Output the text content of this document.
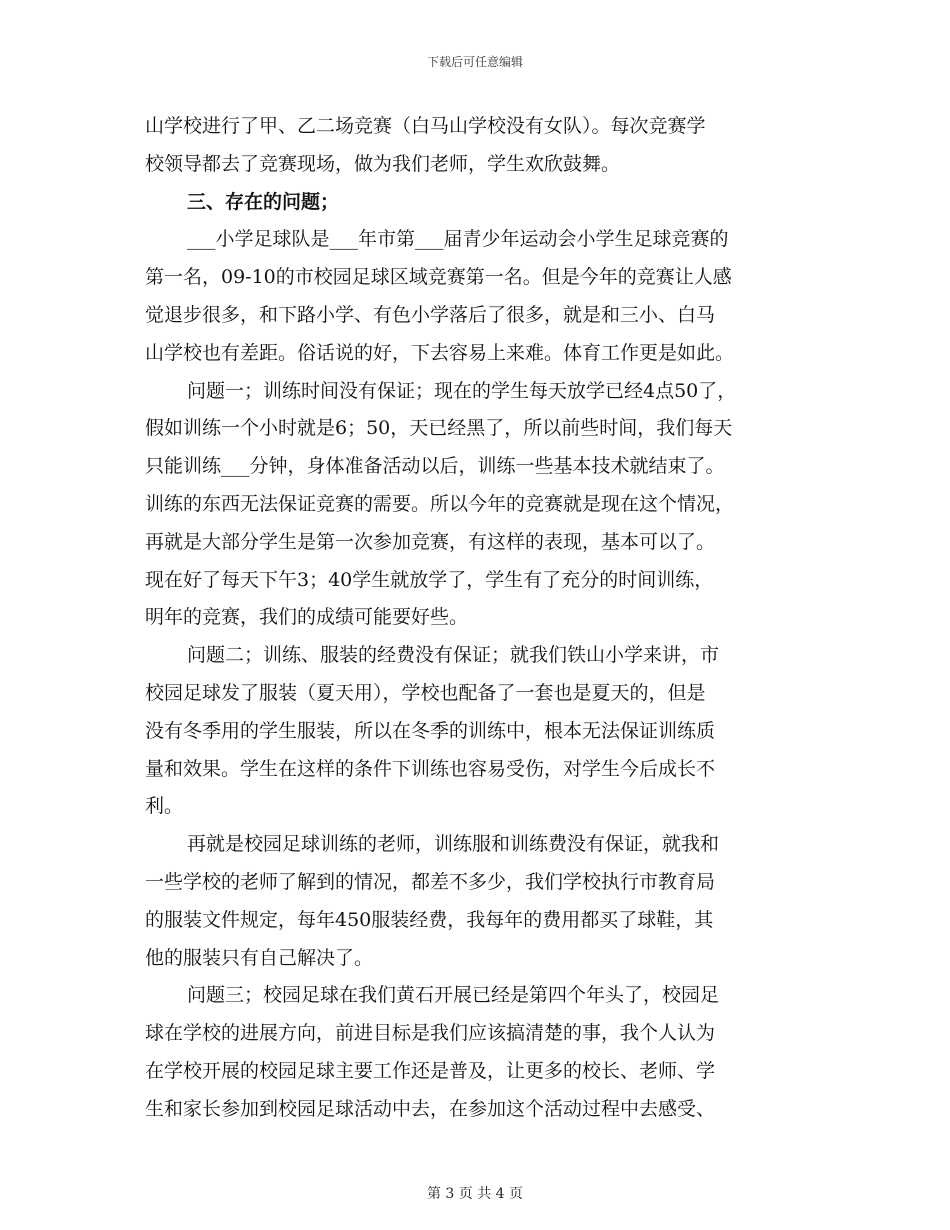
下载后可任意编辑
山学校进行了甲、乙二场竞赛（白马山学校没有女队）。每次竞赛学
校领导都去了竞赛现场，做为我们老师，学生欢欣鼓舞。
三、存在的问题；
___小学足球队是___年市第___届青少年运动会小学生足球竞赛的
第一名，09-10的市校园足球区域竞赛第一名。但是今年的竞赛让人感
觉退步很多，和下路小学、有色小学落后了很多，就是和三小、白马
山学校也有差距。俗话说的好，下去容易上来难。体育工作更是如此。
问题一；训练时间没有保证；现在的学生每天放学已经4点50了，
假如训练一个小时就是6；50，天已经黑了，所以前些时间，我们每天
只能训练___分钟，身体准备活动以后，训练一些基本技术就结束了。
训练的东西无法保证竞赛的需要。所以今年的竞赛就是现在这个情况，
再就是大部分学生是第一次参加竞赛，有这样的表现，基本可以了。
现在好了每天下午3；40学生就放学了，学生有了充分的时间训练，
明年的竞赛，我们的成绩可能要好些。
问题二；训练、服装的经费没有保证；就我们铁山小学来讲，市
校园足球发了服装（夏天用），学校也配备了一套也是夏天的，但是
没有冬季用的学生服装，所以在冬季的训练中，根本无法保证训练质
量和效果。学生在这样的条件下训练也容易受伤，对学生今后成长不
利。
再就是校园足球训练的老师，训练服和训练费没有保证，就我和
一些学校的老师了解到的情况，都差不多少，我们学校执行市教育局
的服装文件规定，每年450服装经费，我每年的费用都买了球鞋，其
他的服装只有自己解决了。
问题三；校园足球在我们黄石开展已经是第四个年头了，校园足
球在学校的进展方向，前进目标是我们应该搞清楚的事，我个人认为
在学校开展的校园足球主要工作还是普及，让更多的校长、老师、学
生和家长参加到校园足球活动中去，在参加这个活动过程中去感受、
第 3 页 共 4 页
